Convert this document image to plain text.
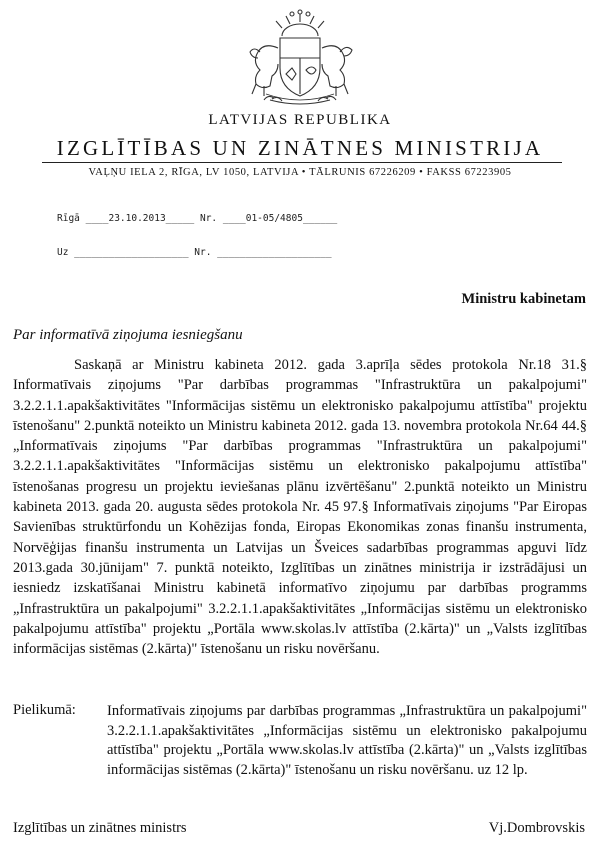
LATVIJAS REPUBLIKA
IZGLĪTĪBAS UN ZINĀTNES MINISTRIJA
VAĻŅU IELA 2, RĪGA, LV 1050, LATVIJA • TĀLRUNIS 67226209 • FAKSS 67223905
Rīgā ____23.10.2013_____ Nr. ____01-05/4805______
Uz ____________________ Nr. ____________________
Ministru kabinetam
Par informatīvā ziņojuma iesniegšanu
Saskaņā ar Ministru kabineta 2012. gada 3.aprīļa sēdes protokola Nr.18 31.§ Informatīvais ziņojums "Par darbības programmas "Infrastruktūra un pakalpojumi" 3.2.2.1.1.apakšaktivitātes "Informācijas sistēmu un elektronisko pakalpojumu attīstība" projektu īstenošanu" 2.punktā noteikto un Ministru kabineta 2012. gada 13. novembra protokola Nr.64 44.§ „Informatīvais ziņojums "Par darbības programmas "Infrastruktūra un pakalpojumi" 3.2.2.1.1.apakšaktivitātes "Informācijas sistēmu un elektronisko pakalpojumu attīstība" īstenošanas progresu un projektu ieviešanas plānu izvērtēšanu" 2.punktā noteikto un Ministru kabineta 2013. gada 20. augusta sēdes protokola Nr. 45 97.§ Informatīvais ziņojums "Par Eiropas Savienības struktūrfondu un Kohēzijas fonda, Eiropas Ekonomikas zonas finanšu instrumenta, Norvēģijas finanšu instrumenta un Latvijas un Šveices sadarbības programmas apguvi līdz 2013.gada 30.jūnijam" 7. punktā noteikto, Izglītības un zinātnes ministrija ir izstrādājusi un iesniedz izskatīšanai Ministru kabinetā informatīvo ziņojumu par darbības programms „Infrastruktūra un pakalpojumi" 3.2.2.1.1.apakšaktivitātes „Informācijas sistēmu un elektronisko pakalpojumu attīstība" projektu „Portāla www.skolas.lv attīstība (2.kārta)" un „Valsts izglītības informācijas sistēmas (2.kārta)" īstenošanu un risku novēršanu.
Pielikumā: Informatīvais ziņojums par darbības programmas „Infrastruktūra un pakalpojumi" 3.2.2.1.1.apakšaktivitātes „Informācijas sistēmu un elektronisko pakalpojumu attīstība" projektu „Portāla www.skolas.lv attīstība (2.kārta)" un „Valsts izglītības informācijas sistēmas (2.kārta)" īstenošanu un risku novēršanu. uz 12 lp.
Izglītības un zinātnes ministrs	Vj.Dombrovskis
